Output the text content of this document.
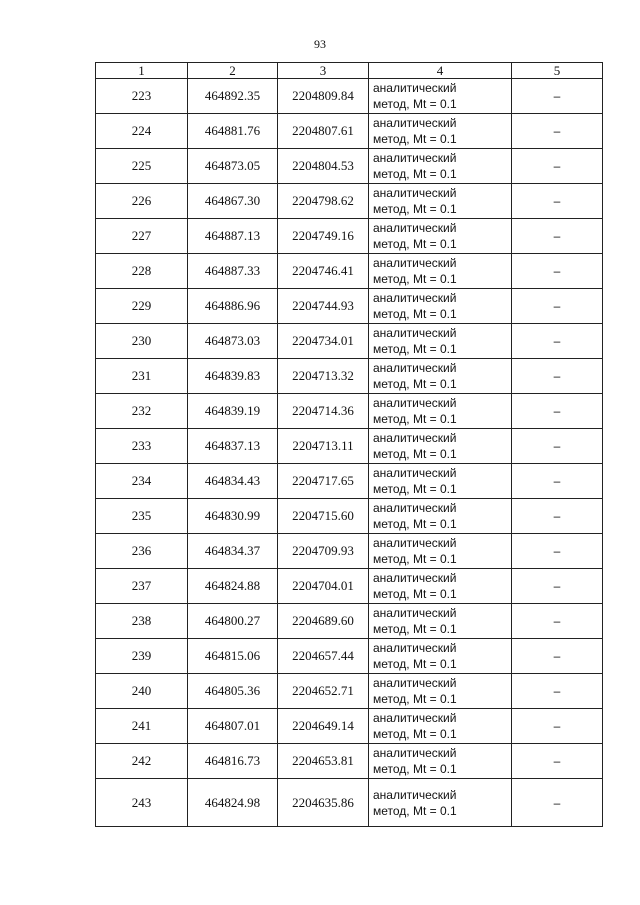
93
1	2	3	4	5
223	464892.35	2204809.84	аналитический
метод, Mt = 0.1	–
224	464881.76	2204807.61	аналитический
метод, Mt = 0.1	–
225	464873.05	2204804.53	аналитический
метод, Mt = 0.1	–
226	464867.30	2204798.62	аналитический
метод, Mt = 0.1	–
227	464887.13	2204749.16	аналитический
метод, Mt = 0.1	–
228	464887.33	2204746.41	аналитический
метод, Mt = 0.1	–
229	464886.96	2204744.93	аналитический
метод, Mt = 0.1	–
230	464873.03	2204734.01	аналитический
метод, Mt = 0.1	–
231	464839.83	2204713.32	аналитический
метод, Mt = 0.1	–
232	464839.19	2204714.36	аналитический
метод, Mt = 0.1	–
233	464837.13	2204713.11	аналитический
метод, Mt = 0.1	–
234	464834.43	2204717.65	аналитический
метод, Mt = 0.1	–
235	464830.99	2204715.60	аналитический
метод, Mt = 0.1	–
236	464834.37	2204709.93	аналитический
метод, Mt = 0.1	–
237	464824.88	2204704.01	аналитический
метод, Mt = 0.1	–
238	464800.27	2204689.60	аналитический
метод, Mt = 0.1	–
239	464815.06	2204657.44	аналитический
метод, Mt = 0.1	–
240	464805.36	2204652.71	аналитический
метод, Mt = 0.1	–
241	464807.01	2204649.14	аналитический
метод, Mt = 0.1	–
242	464816.73	2204653.81	аналитический
метод, Mt = 0.1	–
243	464824.98	2204635.86	аналитический
метод, Mt = 0.1	–
